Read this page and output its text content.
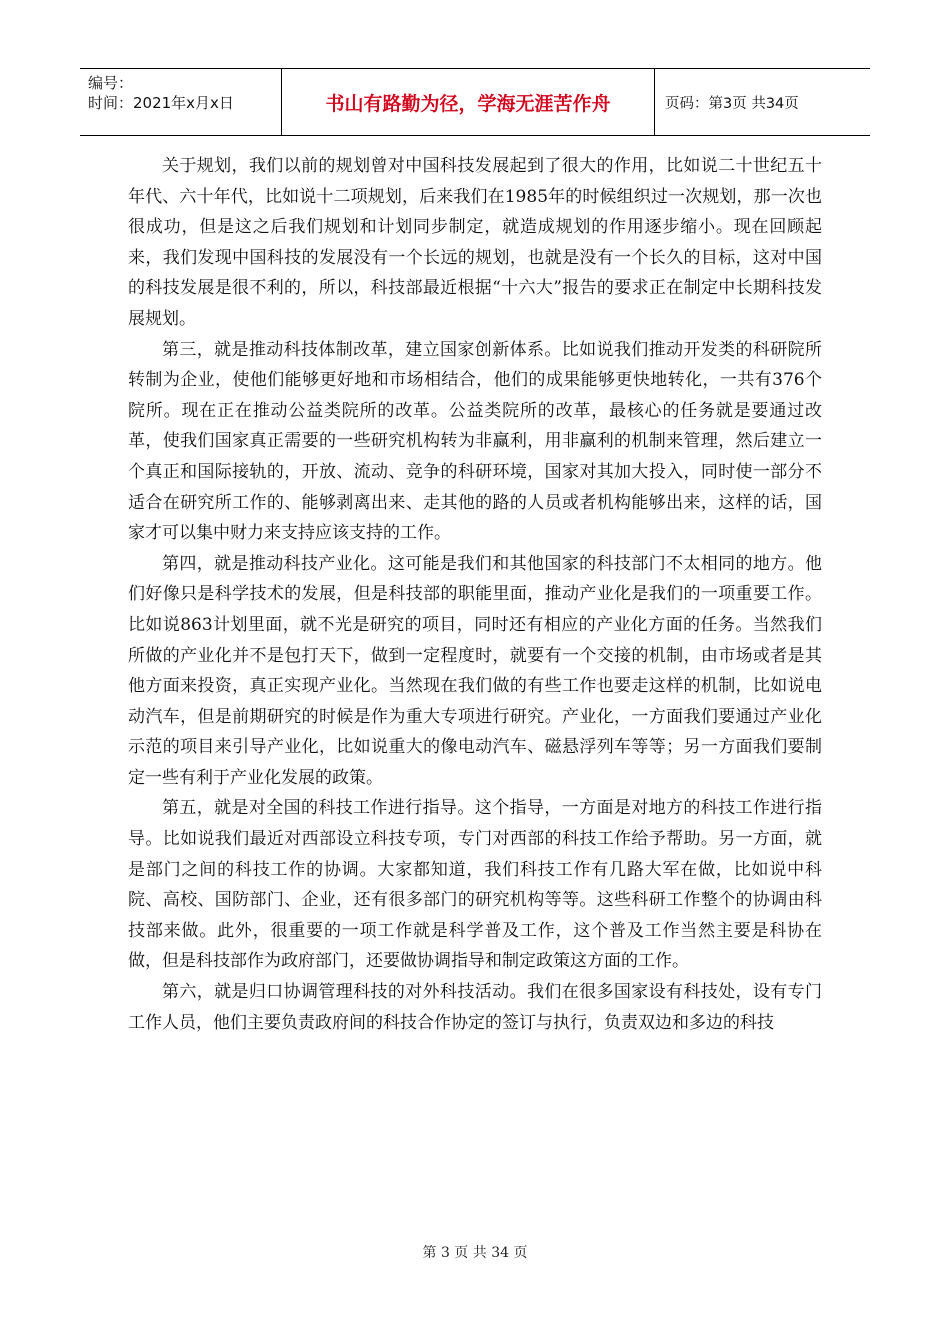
编号：
时间：2021年x月x日	书山有路勤为径，学海无涯苦作舟	页码：第3页 共34页

关于规划，我们以前的规划曾对中国科技发展起到了很大的作用，比如说二十世纪五十年代、六十年代，比如说十二项规划，后来我们在1985年的时候组织过一次规划，那一次也很成功，但是这之后我们规划和计划同步制定，就造成规划的作用逐步缩小。现在回顾起来，我们发现中国科技的发展没有一个长远的规划，也就是没有一个长久的目标，这对中国的科技发展是很不利的，所以，科技部最近根据“十六大”报告的要求正在制定中长期科技发展规划。

第三，就是推动科技体制改革，建立国家创新体系。比如说我们推动开发类的科研院所转制为企业，使他们能够更好地和市场相结合，他们的成果能够更快地转化，一共有376个院所。现在正在推动公益类院所的改革。公益类院所的改革，最核心的任务就是要通过改革，使我们国家真正需要的一些研究机构转为非赢利，用非赢利的机制来管理，然后建立一个真正和国际接轨的，开放、流动、竞争的科研环境，国家对其加大投入，同时使一部分不适合在研究所工作的、能够剥离出来、走其他的路的人员或者机构能够出来，这样的话，国家才可以集中财力来支持应该支持的工作。

第四，就是推动科技产业化。这可能是我们和其他国家的科技部门不太相同的地方。他们好像只是科学技术的发展，但是科技部的职能里面，推动产业化是我们的一项重要工作。比如说863计划里面，就不光是研究的项目，同时还有相应的产业化方面的任务。当然我们所做的产业化并不是包打天下，做到一定程度时，就要有一个交接的机制，由市场或者是其他方面来投资，真正实现产业化。当然现在我们做的有些工作也要走这样的机制，比如说电动汽车，但是前期研究的时候是作为重大专项进行研究。产业化，一方面我们要通过产业化示范的项目来引导产业化，比如说重大的像电动汽车、磁悬浮列车等等；另一方面我们要制定一些有利于产业化发展的政策。

第五，就是对全国的科技工作进行指导。这个指导，一方面是对地方的科技工作进行指导。比如说我们最近对西部设立科技专项，专门对西部的科技工作给予帮助。另一方面，就是部门之间的科技工作的协调。大家都知道，我们科技工作有几路大军在做，比如说中科院、高校、国防部门、企业，还有很多部门的研究机构等等。这些科研工作整个的协调由科技部来做。此外，很重要的一项工作就是科学普及工作，这个普及工作当然主要是科协在做，但是科技部作为政府部门，还要做协调指导和制定政策这方面的工作。

第六，就是归口协调管理科技的对外科技活动。我们在很多国家设有科技处，设有专门工作人员，他们主要负责政府间的科技合作协定的签订与执行，负责双边和多边的科技

第 3 页 共 34 页
